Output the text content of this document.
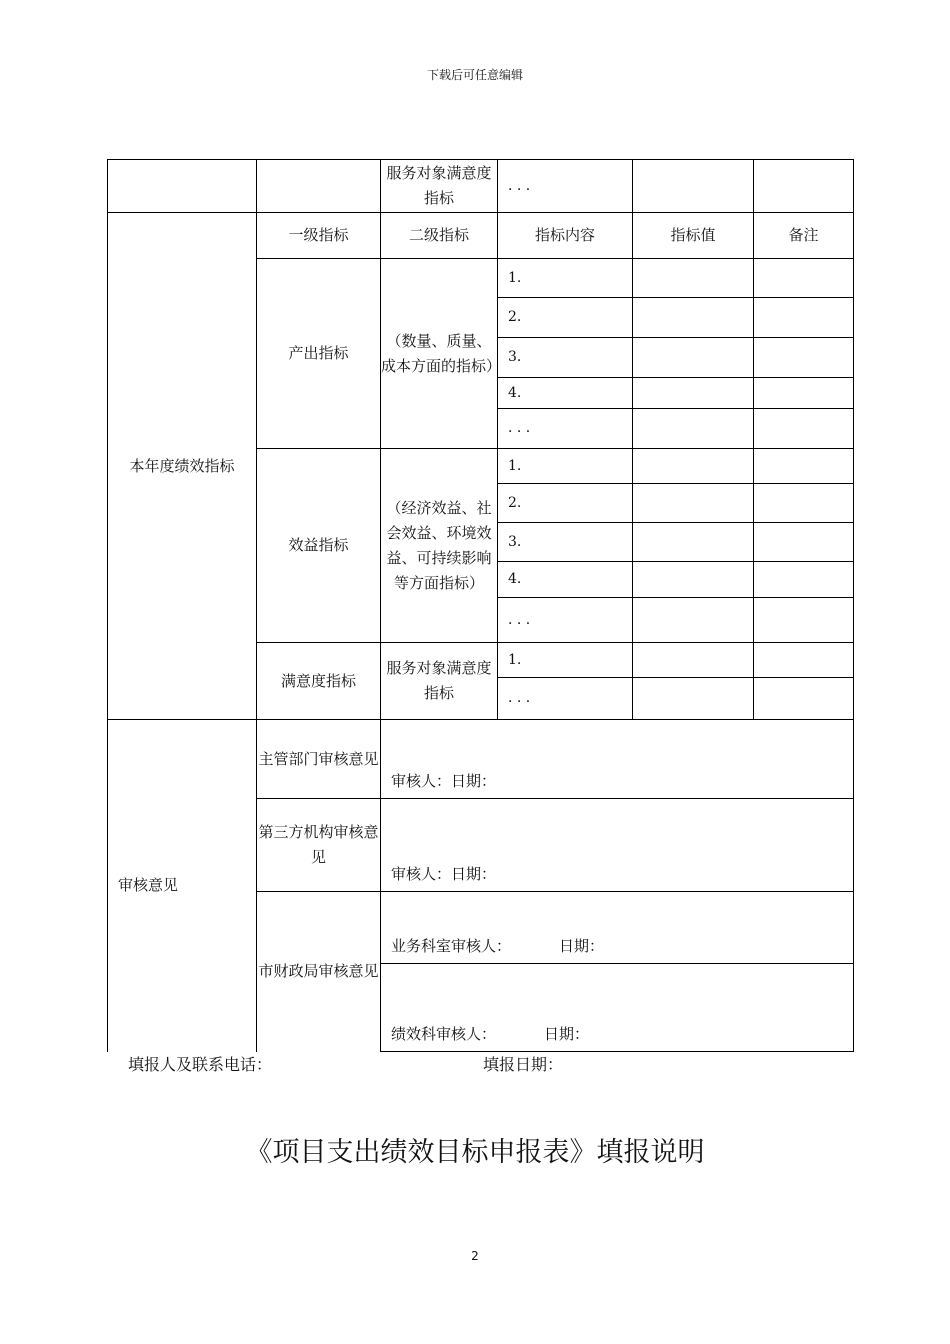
下载后可任意编辑
		服务对象满意度指标	. . .		
本年度绩效指标	一级指标	二级指标	指标内容	指标值	备注
	产出指标	（数量、质量、成本方面的指标）	1.		
			2.		
			3.		
			4.		
			. . .		
	效益指标	（经济效益、社会效益、环境效益、可持续影响等方面指标）	1.		
			2.		
			3.		
			4.		
			. . .		
	满意度指标	服务对象满意度指标	1.		
			. . .		
审核意见	主管部门审核意见	审核人：日期：			
	第三方机构审核意见	审核人：日期：			
	市财政局审核意见	业务科室审核人： 日期：			
		绩效科审核人： 日期：			
填报人及联系电话：	填报日期：
《项目支出绩效目标申报表》填报说明
2
